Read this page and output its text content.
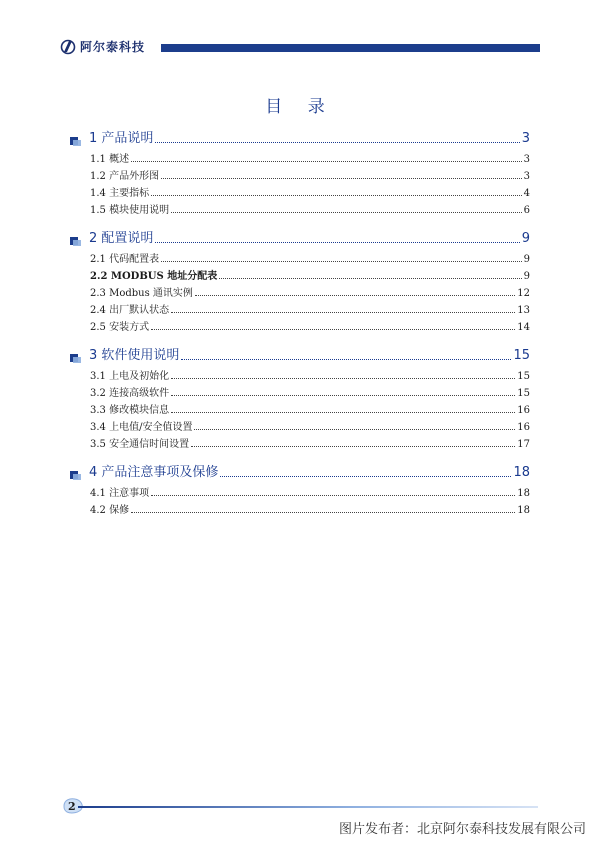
阿尔泰科技
目 录
1 产品说明	3
1.1 概述	3
1.2 产品外形图	3
1.4 主要指标	4
1.5 模块使用说明	6
2 配置说明	9
2.1 代码配置表	9
2.2 MODBUS 地址分配表	9
2.3 Modbus 通讯实例	12
2.4 出厂默认状态	13
2.5 安装方式	14
3 软件使用说明	15
3.1 上电及初始化	15
3.2 连接高级软件	15
3.3 修改模块信息	16
3.4 上电值/安全值设置	16
3.5 安全通信时间设置	17
4 产品注意事项及保修	18
4.1 注意事项	18
4.2 保修	18
2
图片发布者：北京阿尔泰科技发展有限公司
